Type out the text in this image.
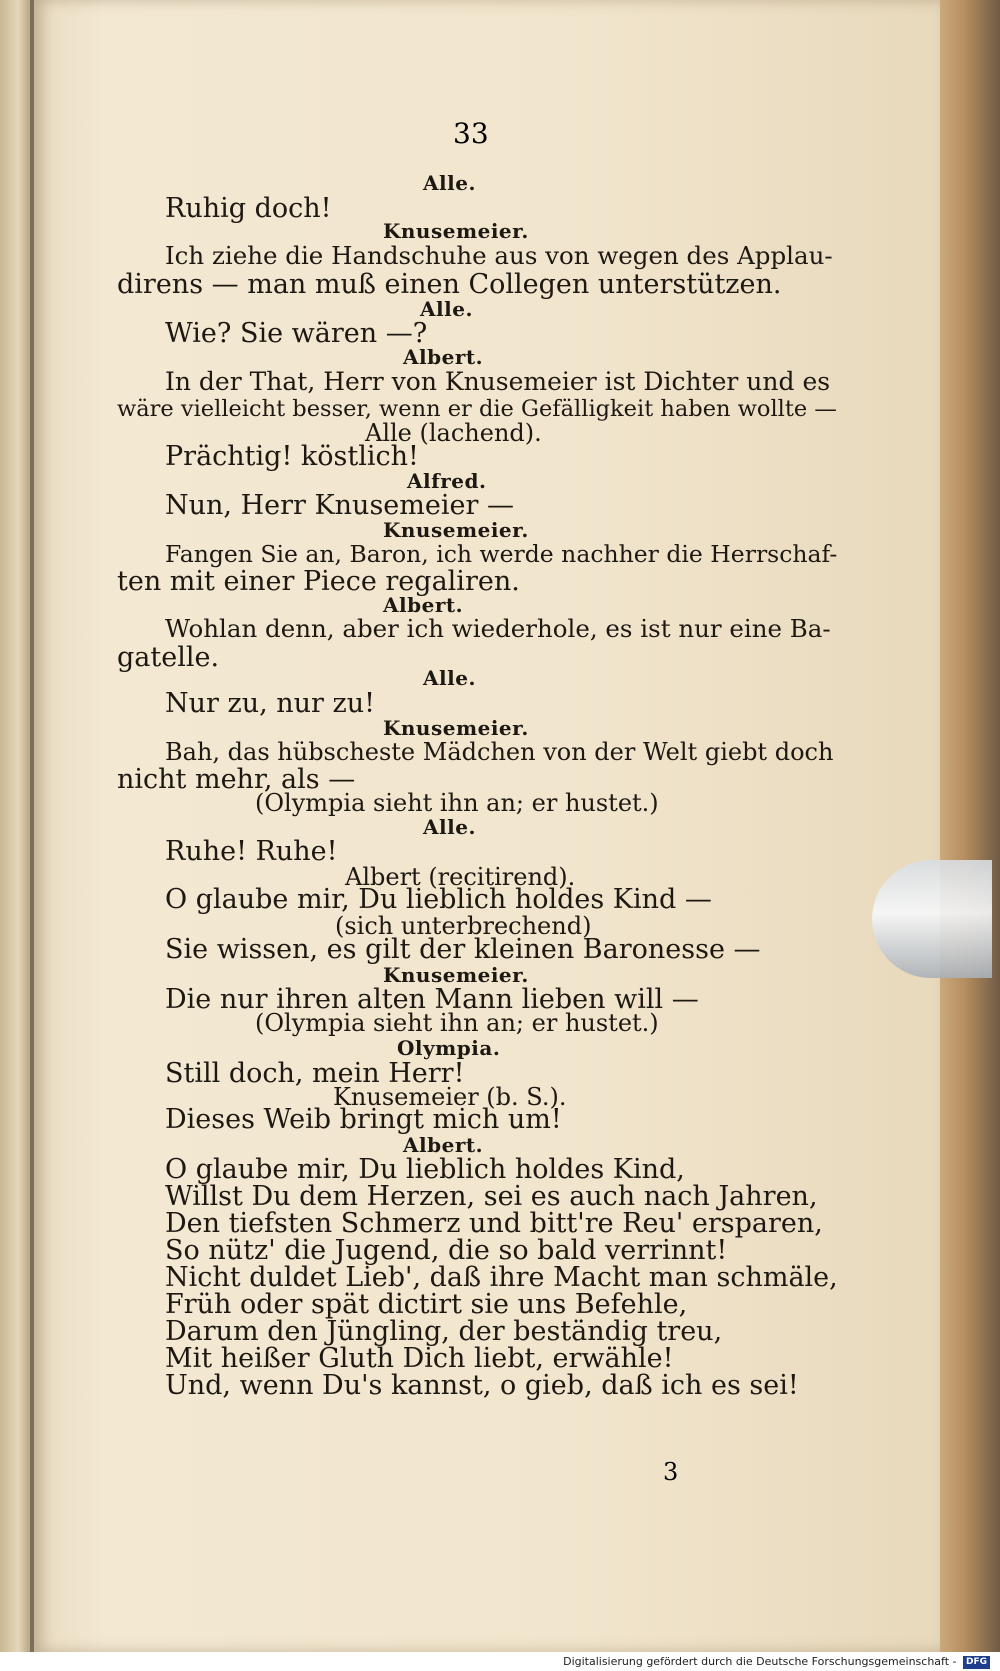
33
Alle.
Ruhig doch!
Knusemeier.
Ich ziehe die Handschuhe aus von wegen des Applau-
direns — man muß einen Collegen unterstützen.
Alle.
Wie? Sie wären —?
Albert.
In der That, Herr von Knusemeier ist Dichter und es
wäre vielleicht besser, wenn er die Gefälligkeit haben wollte —
Alle (lachend).
Prächtig! köstlich!
Alfred.
Nun, Herr Knusemeier —
Knusemeier.
Fangen Sie an, Baron, ich werde nachher die Herrschaf-
ten mit einer Piece regaliren.
Albert.
Wohlan denn, aber ich wiederhole, es ist nur eine Ba-
gatelle.
Alle.
Nur zu, nur zu!
Knusemeier.
Bah, das hübscheste Mädchen von der Welt giebt doch
nicht mehr, als —
(Olympia sieht ihn an; er hustet.)
Alle.
Ruhe! Ruhe!
Albert (recitirend).
O glaube mir, Du lieblich holdes Kind —
(sich unterbrechend)
Sie wissen, es gilt der kleinen Baronesse —
Knusemeier.
Die nur ihren alten Mann lieben will —
(Olympia sieht ihn an; er hustet.)
Olympia.
Still doch, mein Herr!
Knusemeier (b. S.).
Dieses Weib bringt mich um!
Albert.
O glaube mir, Du lieblich holdes Kind,
Willst Du dem Herzen, sei es auch nach Jahren,
Den tiefsten Schmerz und bitt're Reu' ersparen,
So nütz' die Jugend, die so bald verrinnt!
Nicht duldet Lieb', daß ihre Macht man schmäle,
Früh oder spät dictirt sie uns Befehle,
Darum den Jüngling, der beständig treu,
Mit heißer Gluth Dich liebt, erwähle!
Und, wenn Du's kannst, o gieb, daß ich es sei!
3
Digitalisierung gefördert durch die Deutsche Forschungsgemeinschaft - DFG
